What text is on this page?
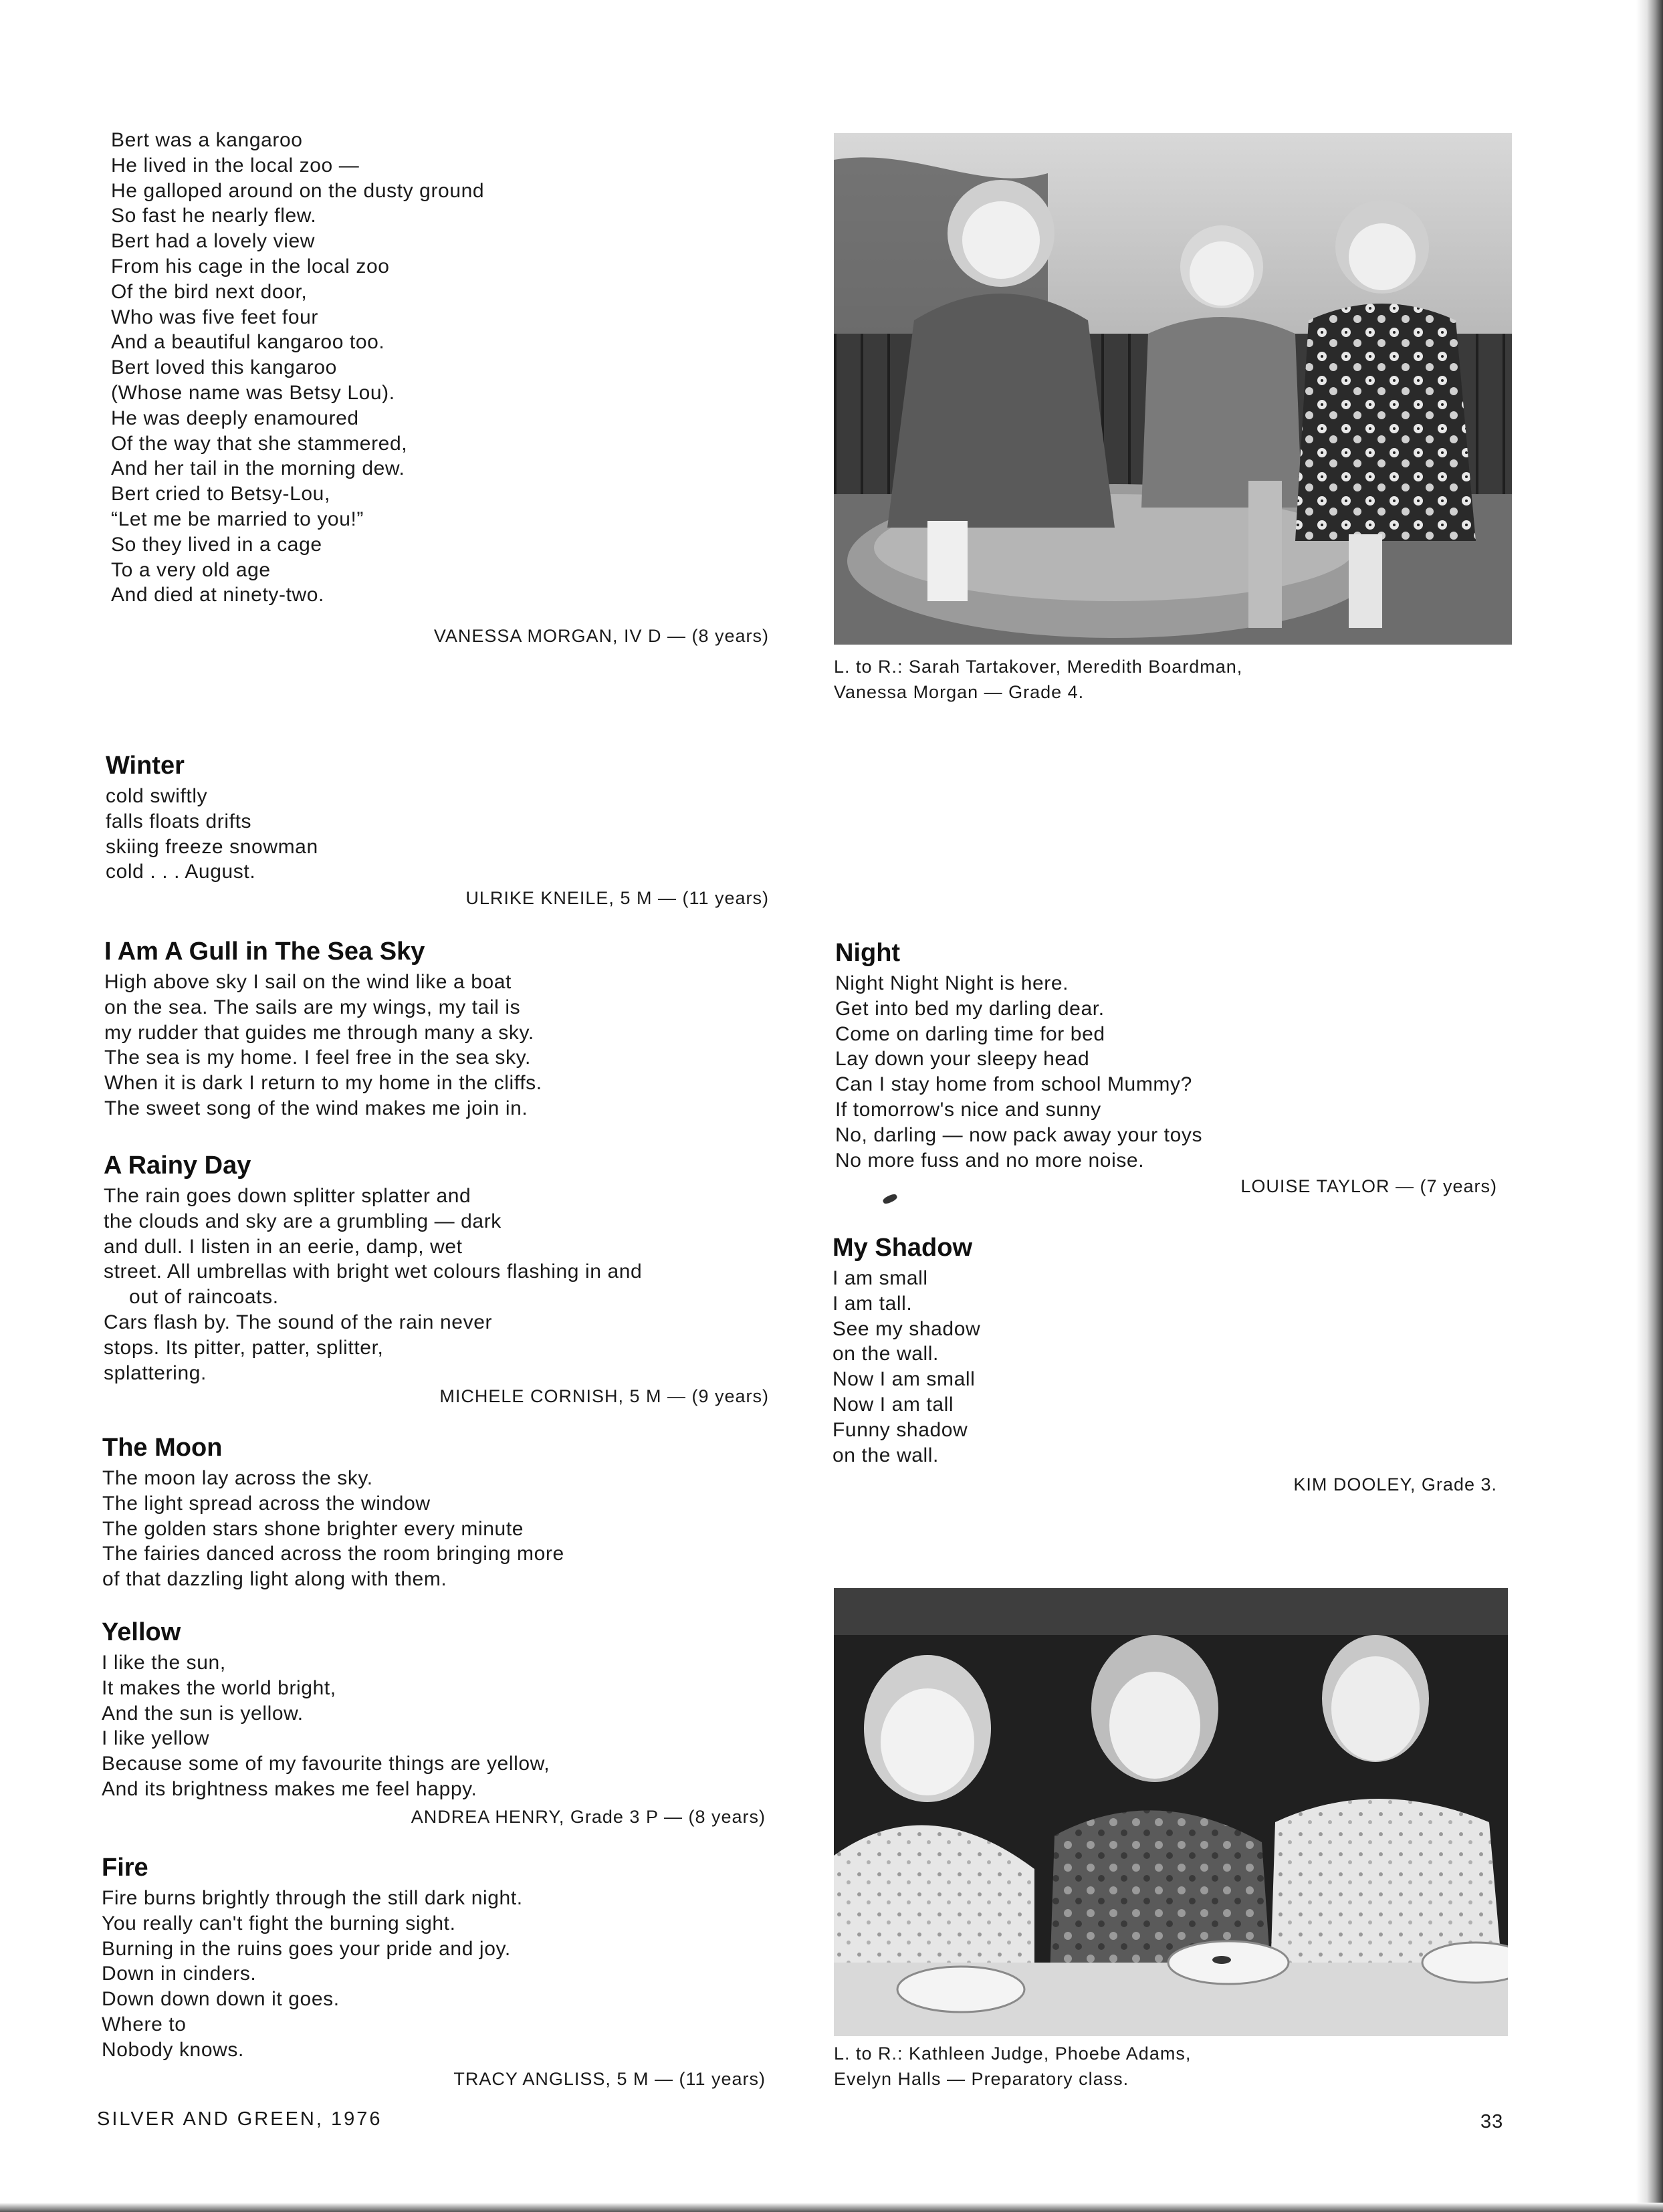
Bert was a kangaroo
He lived in the local zoo —
He galloped around on the dusty ground
So fast he nearly flew.
Bert had a lovely view
From his cage in the local zoo
Of the bird next door,
Who was five feet four
And a beautiful kangaroo too.
Bert loved this kangaroo
(Whose name was Betsy Lou).
He was deeply enamoured
Of the way that she stammered,
And her tail in the morning dew.
Bert cried to Betsy-Lou,
“Let me be married to you!”
So they lived in a cage
To a very old age
And died at ninety-two.
VANESSA MORGAN, IV D — (8 years)
L. to R.: Sarah Tartakover, Meredith Boardman,
Vanessa Morgan — Grade 4.
Winter
cold swiftly
falls floats drifts
skiing freeze snowman
cold . . . August.
ULRIKE KNEILE, 5 M — (11 years)
I Am A Gull in The Sea Sky
High above sky I sail on the wind like a boat
on the sea. The sails are my wings, my tail is
my rudder that guides me through many a sky.
The sea is my home. I feel free in the sea sky.
When it is dark I return to my home in the cliffs.
The sweet song of the wind makes me join in.
A Rainy Day
The rain goes down splitter splatter and
the clouds and sky are a grumbling — dark
and dull. I listen in an eerie, damp, wet
street. All umbrellas with bright wet colours flashing in and
out of raincoats.
Cars flash by. The sound of the rain never
stops. Its pitter, patter, splitter,
splattering.
MICHELE CORNISH, 5 M — (9 years)
The Moon
The moon lay across the sky.
The light spread across the window
The golden stars shone brighter every minute
The fairies danced across the room bringing more
of that dazzling light along with them.
Yellow
I like the sun,
It makes the world bright,
And the sun is yellow.
I like yellow
Because some of my favourite things are yellow,
And its brightness makes me feel happy.
ANDREA HENRY, Grade 3 P — (8 years)
Fire
Fire burns brightly through the still dark night.
You really can't fight the burning sight.
Burning in the ruins goes your pride and joy.
Down in cinders.
Down down down it goes.
Where to
Nobody knows.
TRACY ANGLISS, 5 M — (11 years)
Night
Night Night Night is here.
Get into bed my darling dear.
Come on darling time for bed
Lay down your sleepy head
Can I stay home from school Mummy?
If tomorrow's nice and sunny
No, darling — now pack away your toys
No more fuss and no more noise.
LOUISE TAYLOR — (7 years)
My Shadow
I am small
I am tall.
See my shadow
on the wall.
Now I am small
Now I am tall
Funny shadow
on the wall.
KIM DOOLEY, Grade 3.
L. to R.: Kathleen Judge, Phoebe Adams,
Evelyn Halls — Preparatory class.
SILVER AND GREEN, 1976	33
